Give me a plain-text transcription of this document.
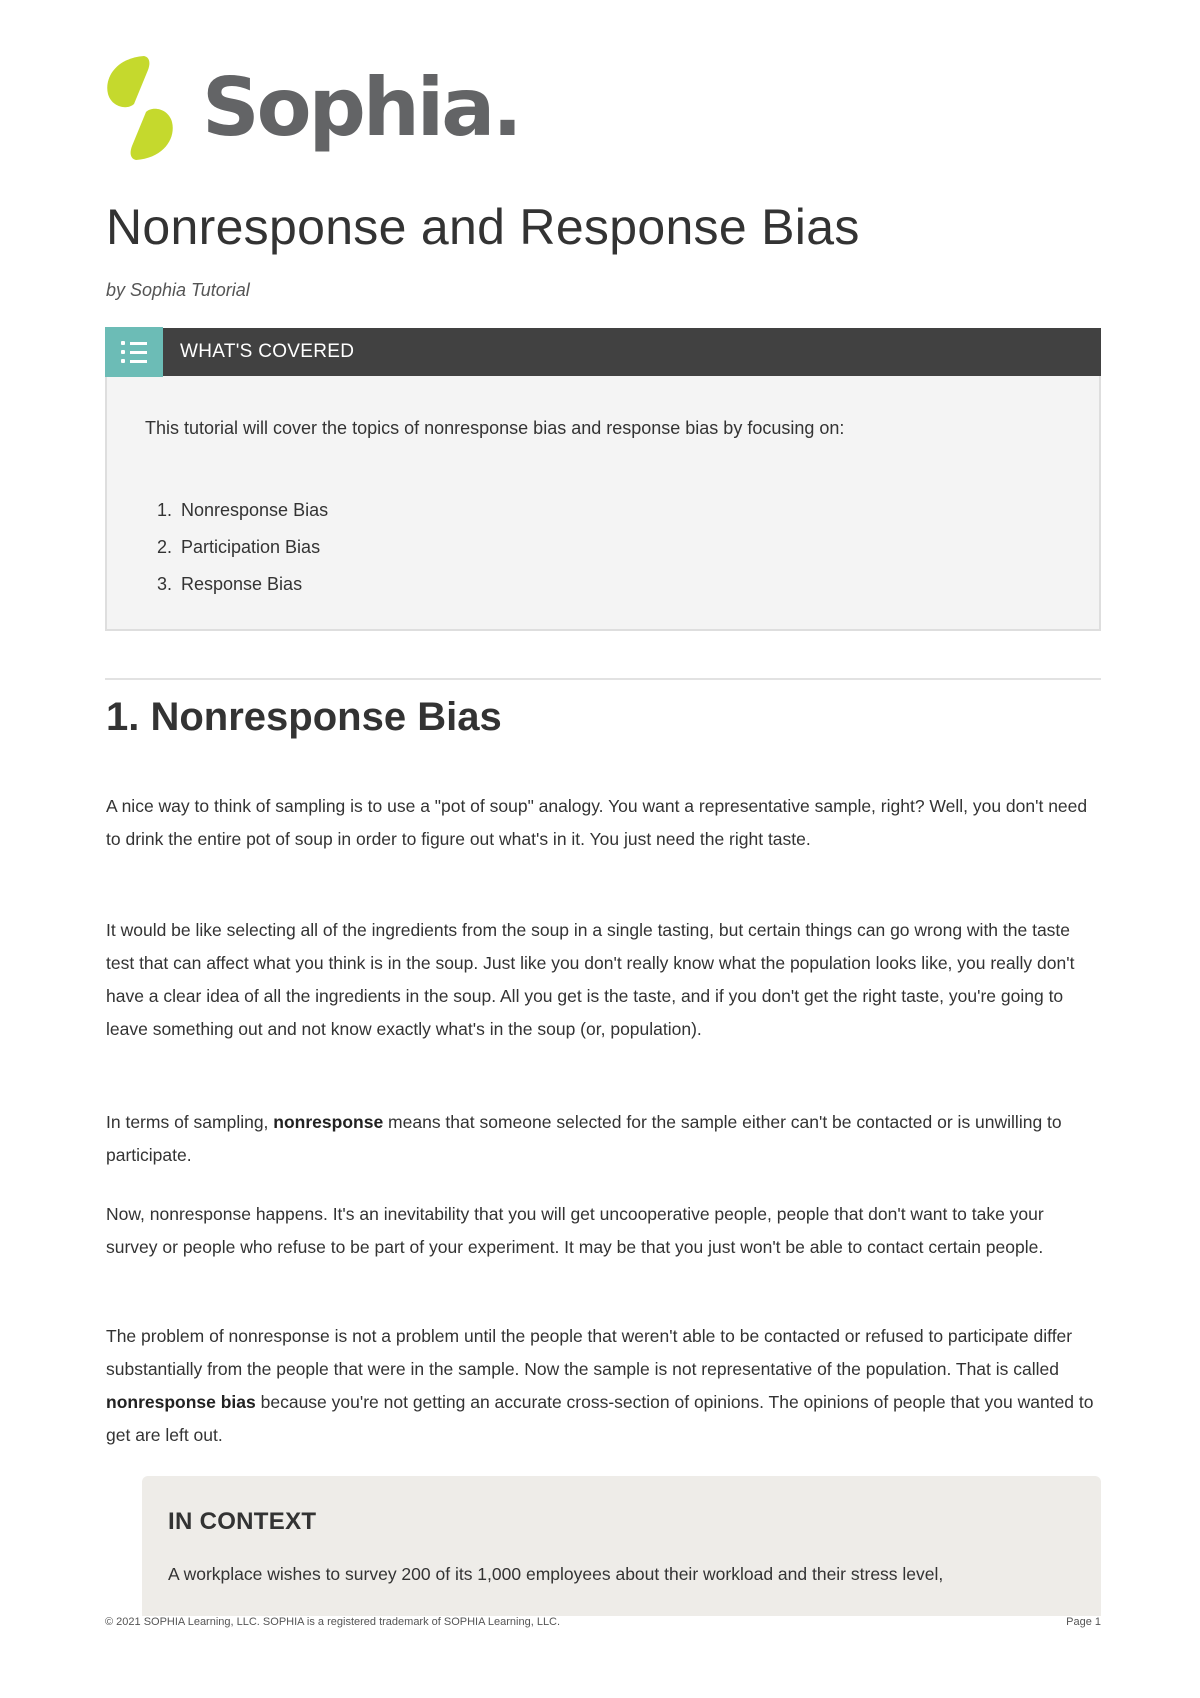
Sophia.
Nonresponse and Response Bias
by Sophia Tutorial
WHAT'S COVERED
This tutorial will cover the topics of nonresponse bias and response bias by focusing on:
1. Nonresponse Bias
2. Participation Bias
3. Response Bias
1. Nonresponse Bias

A nice way to think of sampling is to use a "pot of soup" analogy. You want a representative sample, right? Well, you don't need to drink the entire pot of soup in order to figure out what's in it. You just need the right taste.

It would be like selecting all of the ingredients from the soup in a single tasting, but certain things can go wrong with the taste test that can affect what you think is in the soup. Just like you don't really know what the population looks like, you really don't have a clear idea of all the ingredients in the soup. All you get is the taste, and if you don't get the right taste, you're going to leave something out and not know exactly what's in the soup (or, population).

In terms of sampling, nonresponse means that someone selected for the sample either can't be contacted or is unwilling to participate.

Now, nonresponse happens. It's an inevitability that you will get uncooperative people, people that don't want to take your survey or people who refuse to be part of your experiment. It may be that you just won't be able to contact certain people.

The problem of nonresponse is not a problem until the people that weren't able to be contacted or refused to participate differ substantially from the people that were in the sample. Now the sample is not representative of the population. That is called nonresponse bias because you're not getting an accurate cross-section of opinions. The opinions of people that you wanted to get are left out.

IN CONTEXT
A workplace wishes to survey 200 of its 1,000 employees about their workload and their stress level,
© 2021 SOPHIA Learning, LLC. SOPHIA is a registered trademark of SOPHIA Learning, LLC.	Page 1
